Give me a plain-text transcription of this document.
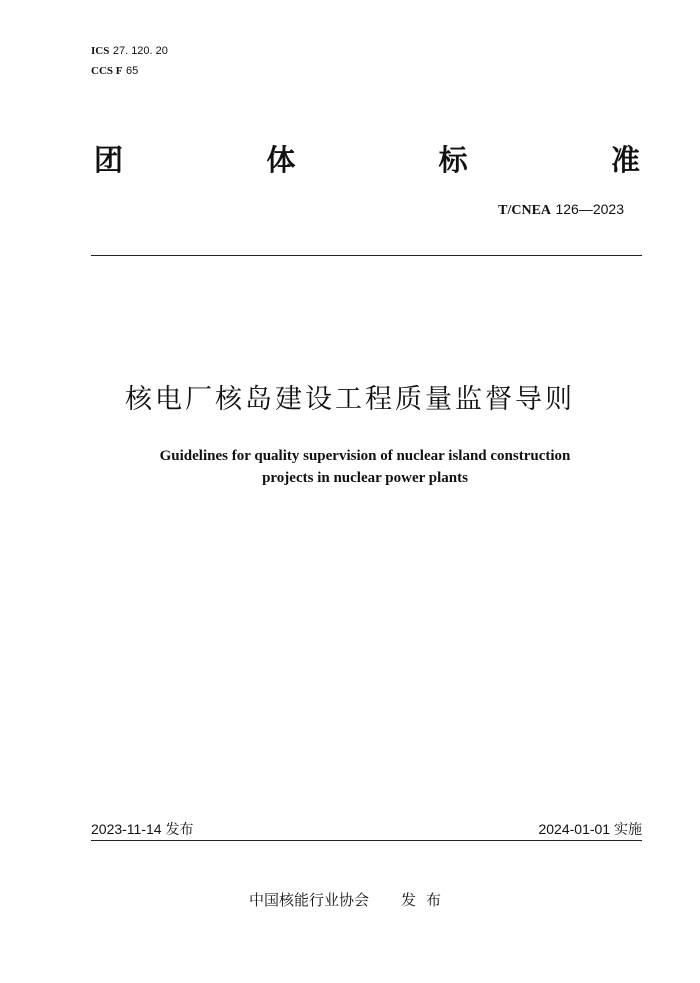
ICS 27. 120. 20
CCS F 65
团	体	标	准
T/CNEA 126—2023
核电厂核岛建设工程质量监督导则
Guidelines for quality supervision of nuclear island construction
projects in nuclear power plants
2023-11-14 发布	2024-01-01 实施
中国核能行业协会 发布
